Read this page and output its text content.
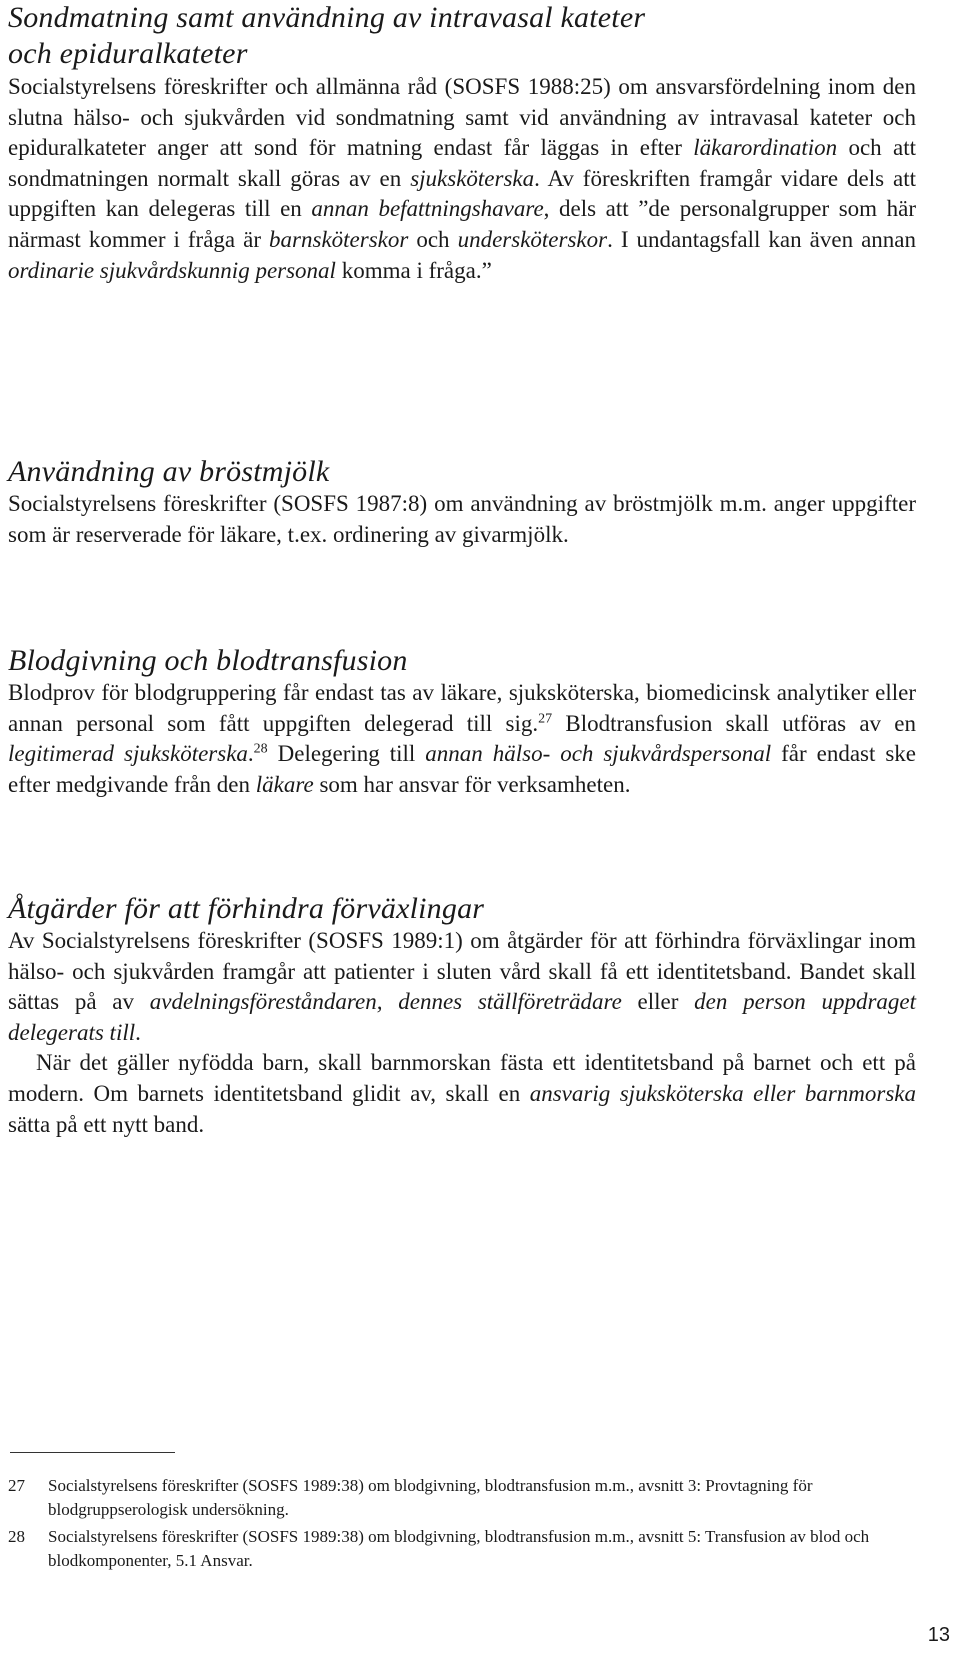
Sondmatning samt användning av intravasal kateter
och epiduralkateter

Socialstyrelsens föreskrifter och allmänna råd (SOSFS 1988:25) om ansvarsfördelning inom den slutna hälso- och sjukvården vid sondmatning samt vid användning av intravasal kateter och epiduralkateter anger att sond för matning endast får läggas in efter läkarordination och att sondmatningen normalt skall göras av en sjuksköterska. Av föreskriften framgår vidare dels att uppgiften kan delegeras till en annan befattningshavare, dels att ”de personalgrupper som här närmast kommer i fråga är barnsköterskor och undersköterskor. I undantagsfall kan även annan ordinarie sjukvårdskunnig personal komma i fråga.”

Användning av bröstmjölk

Socialstyrelsens föreskrifter (SOSFS 1987:8) om användning av bröstmjölk m.m. anger uppgifter som är reserverade för läkare, t.ex. ordinering av givarmjölk.

Blodgivning och blodtransfusion

Blodprov för blodgruppering får endast tas av läkare, sjuksköterska, biomedicinsk analytiker eller annan personal som fått uppgiften delegerad till sig.$^{27}$ Blodtransfusion skall utföras av en legitimerad sjuksköterska.$^{28}$ Delegering till annan hälso- och sjukvårdspersonal får endast ske efter medgivande från den läkare som har ansvar för verksamheten.

Åtgärder för att förhindra förväxlingar

Av Socialstyrelsens föreskrifter (SOSFS 1989:1) om åtgärder för att förhindra förväxlingar inom hälso- och sjukvården framgår att patienter i sluten vård skall få ett identitetsband. Bandet skall sättas på av avdelningsföreståndaren, dennes ställföreträdare eller den person uppdraget delegerats till.

När det gäller nyfödda barn, skall barnmorskan fästa ett identitetsband på barnet och ett på modern. Om barnets identitetsband glidit av, skall en ansvarig sjuksköterska eller barnmorska sätta på ett nytt band.

27 Socialstyrelsens föreskrifter (SOSFS 1989:38) om blodgivning, blodtransfusion m.m., avsnitt 3: Provtagning för blodgruppserologisk undersökning.
28 Socialstyrelsens föreskrifter (SOSFS 1989:38) om blodgivning, blodtransfusion m.m., avsnitt 5: Transfusion av blod och blodkomponenter, 5.1 Ansvar.
13
